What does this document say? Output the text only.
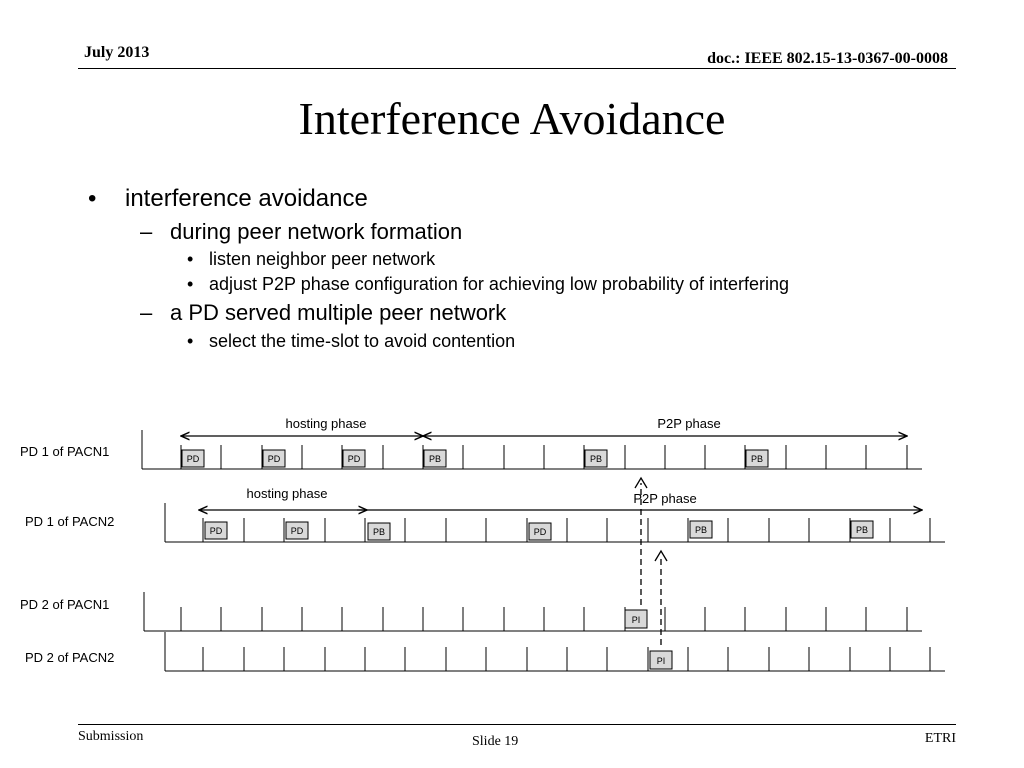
July 2013	doc.: IEEE 802.15-13-0367-00-0008
Interference Avoidance
• interference avoidance
– during peer network formation
• listen neighbor peer network
• adjust P2P phase configuration for achieving low probability of interfering
– a PD served multiple peer network
• select the time-slot to avoid contention
PD 1 of PACN1
PD 1 of PACN2
PD 2 of PACN1
PD 2 of PACN2
hosting phase	P2P phase
PD	PD	PD	PB	PB	PB
hosting phase	P2P phase
PD	PD	PB	PD	PB	PB
PI
PI
Submission	Slide 19	ETRI
